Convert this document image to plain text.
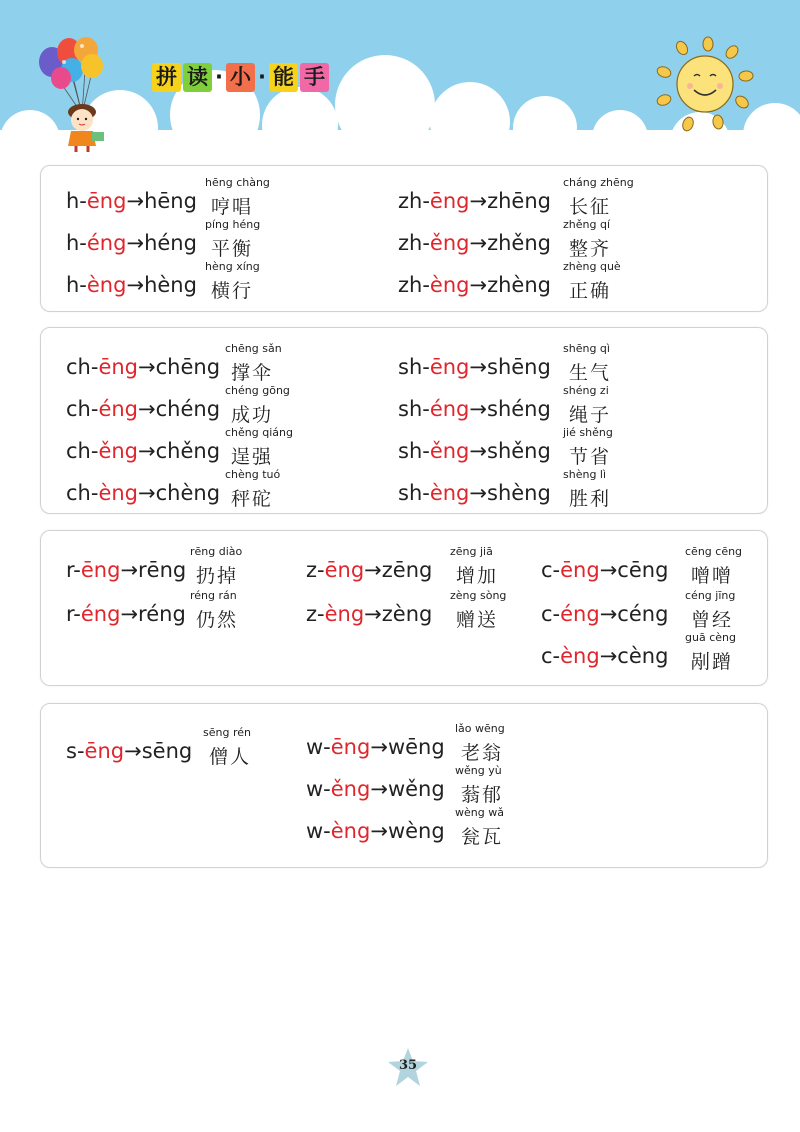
拼 读 · 小 · 能 手
h-ēng→hēng
hēng chàng
哼唱
h-éng→héng
píng héng
平衡
h-èng→hèng
hèng xíng
横行
zh-ēng→zhēng
cháng zhēng
长征
zh-ěng→zhěng
zhěng qí
整齐
zh-èng→zhèng
zhèng què
正确
ch-ēng→chēng
chēng sǎn
撑伞
ch-éng→chéng
chéng gōng
成功
ch-ěng→chěng
chěng qiáng
逞强
ch-èng→chèng
chèng tuó
秤砣
sh-ēng→shēng
shēng qì
生气
sh-éng→shéng
shéng zi
绳子
sh-ěng→shěng
jié shěng
节省
sh-èng→shèng
shèng lì
胜利
r-ēng→rēng
rēng diào
扔掉
r-éng→réng
réng rán
仍然
z-ēng→zēng
zēng jiā
增加
z-èng→zèng
zèng sòng
赠送
c-ēng→cēng
cēng cēng
噌噌
c-éng→céng
céng jīng
曾经
c-èng→cèng
guā cèng
剐蹭
s-ēng→sēng
sēng rén
僧人	w-ēng→wēng
lǎo wēng
老翁
w-ěng→wěng
wěng yù
蓊郁
w-èng→wèng
wèng wǎ
瓮瓦
35
